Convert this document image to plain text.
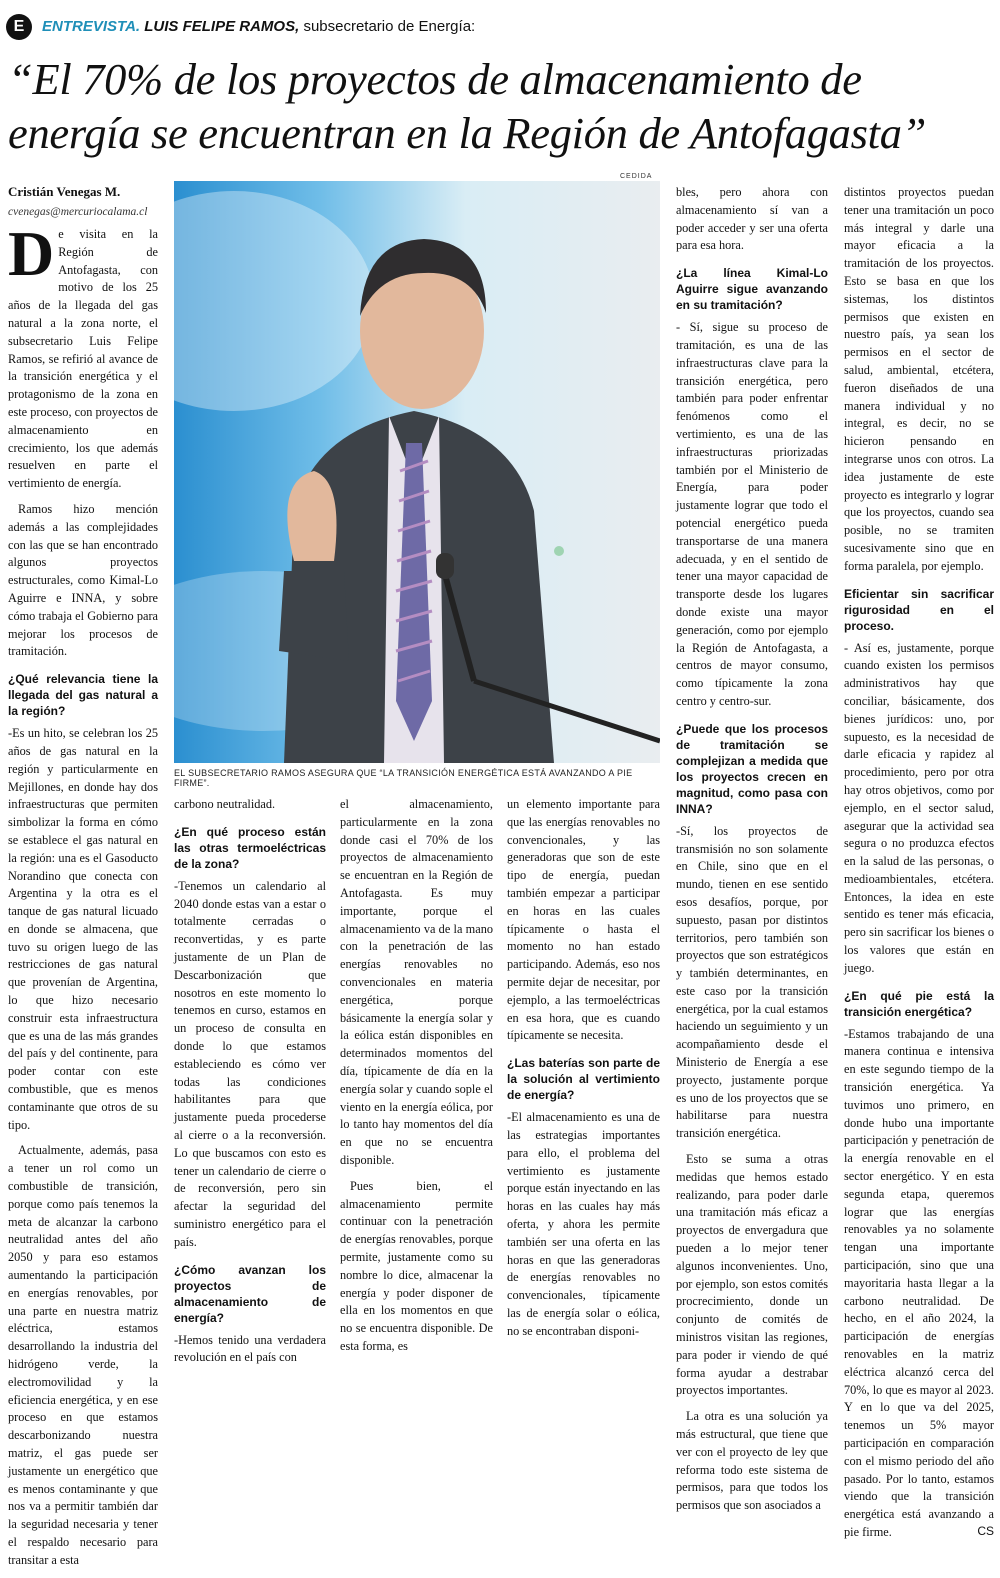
E	ENTREVISTA. LUIS FELIPE RAMOS, subsecretario de Energía:
“El 70% de los proyectos de almacenamiento de
energía se encuentran en la Región de Antofagasta”
Cristián Venegas M.
cvenegas@mercuriocalama.cl
CEDIDA
EL SUBSECRETARIO RAMOS ASEGURA QUE “LA TRANSICIÓN ENERGÉTICA ESTÁ AVANZANDO A PIE FIRME”.

De visita en la Región de Antofagasta, con motivo de los 25 años de la llegada del gas natural a la zona norte, el subsecretario Luis Felipe Ramos, se refirió al avance de la transición energética y el protagonismo de la zona en este proceso, con proyectos de almacenamiento en crecimiento, los que además resuelven en parte el vertimiento de energía.

Ramos hizo mención además a las complejidades con las que se han encontrado algunos proyectos estructurales, como Kimal-Lo Aguirre e INNA, y sobre cómo trabaja el Gobierno para mejorar los procesos de tramitación.

¿Qué relevancia tiene la llegada del gas natural a la región?

-Es un hito, se celebran los 25 años de gas natural en la región y particularmente en Mejillones, en donde hay dos infraestructuras que permiten simbolizar la forma en cómo se establece el gas natural en la región: una es el Gasoducto Norandino que conecta con Argentina y la otra es el tanque de gas natural licuado en donde se almacena, que tuvo su origen luego de las restricciones de gas natural que provenían de Argentina, lo que hizo necesario construir esta infraestructura que es una de las más grandes del país y del continente, para poder contar con este combustible, que es menos contaminante que otros de su tipo.

Actualmente, además, pasa a tener un rol como un combustible de transición, porque como país tenemos la meta de alcanzar la carbono neutralidad antes del año 2050 y para eso estamos aumentando la participación en energías renovables, por una parte en nuestra matriz eléctrica, estamos desarrollando la industria del hidrógeno verde, la electromovilidad y la eficiencia energética, y en ese proceso en que estamos descarbonizando nuestra matriz, el gas puede ser justamente un energético que es menos contaminante y que nos va a permitir también dar la seguridad necesaria y tener el respaldo necesario para transitar a esta

carbono neutralidad.

¿En qué proceso están las otras termoeléctricas de la zona?

-Tenemos un calendario al 2040 donde estas van a estar o totalmente cerradas o reconvertidas, y es parte justamente de un Plan de Descarbonización que nosotros en este momento lo tenemos en curso, estamos en un proceso de consulta en donde lo que estamos estableciendo es cómo ver todas las condiciones habilitantes para que justamente pueda procederse al cierre o a la reconversión. Lo que buscamos con esto es tener un calendario de cierre o de reconversión, pero sin afectar la seguridad del suministro energético para el país.

¿Cómo avanzan los proyectos de almacenamiento de energía?

-Hemos tenido una verdadera revolución en el país con

el almacenamiento, particularmente en la zona donde casi el 70% de los proyectos de almacenamiento se encuentran en la Región de Antofagasta. Es muy importante, porque el almacenamiento va de la mano con la penetración de las energías renovables no convencionales en materia energética, porque básicamente la energía solar y la eólica están disponibles en determinados momentos del día, típicamente de día en la energía solar y cuando sople el viento en la energía eólica, por lo tanto hay momentos del día en que no se encuentra disponible.

Pues bien, el almacenamiento permite continuar con la penetración de energías renovables, porque permite, justamente como su nombre lo dice, almacenar la energía y poder disponer de ella en los momentos en que no se encuentra disponible. De esta forma, es

un elemento importante para que las energías renovables no convencionales, y las generadoras que son de este tipo de energía, puedan también empezar a participar en horas en las cuales típicamente o hasta el momento no han estado participando. Además, eso nos permite dejar de necesitar, por ejemplo, a las termoeléctricas en esa hora, que es cuando típicamente se necesita.

¿Las baterías son parte de la solución al vertimiento de energía?

-El almacenamiento es una de las estrategias importantes para ello, el problema del vertimiento es justamente porque están inyectando en las horas en las cuales hay más oferta, y ahora les permite también ser una oferta en las horas en que las generadoras de energías renovables no convencionales, típicamente las de energía solar o eólica, no se encontraban disponi-

bles, pero ahora con almacenamiento sí van a poder acceder y ser una oferta para esa hora.

¿La línea Kimal-Lo Aguirre sigue avanzando en su tramitación?

- Sí, sigue su proceso de tramitación, es una de las infraestructuras clave para la transición energética, pero también para poder enfrentar fenómenos como el vertimiento, es una de las infraestructuras priorizadas también por el Ministerio de Energía, para poder justamente lograr que todo el potencial energético pueda transportarse de una manera adecuada, y en el sentido de tener una mayor capacidad de transporte desde los lugares donde existe una mayor generación, como por ejemplo la Región de Antofagasta, a centros de mayor consumo, como típicamente la zona centro y centro-sur.

¿Puede que los procesos de tramitación se complejizan a medida que los proyectos crecen en magnitud, como pasa con INNA?

-Sí, los proyectos de transmisión no son solamente en Chile, sino que en el mundo, tienen en ese sentido esos desafíos, porque, por supuesto, pasan por distintos territorios, pero también son proyectos que son estratégicos y también determinantes, en este caso por la transición energética, por la cual estamos haciendo un seguimiento y un acompañamiento desde el Ministerio de Energía a ese proyecto, justamente porque es uno de los proyectos que se habilitarse para nuestra transición energética.

Esto se suma a otras medidas que hemos estado realizando, para poder darle una tramitación más eficaz a proyectos de envergadura que pueden a lo mejor tener algunos inconvenientes. Uno, por ejemplo, son estos comités procrecimiento, donde un conjunto de comités de ministros visitan las regiones, para poder ir viendo de qué forma ayudar a destrabar proyectos importantes.

La otra es una solución ya más estructural, que tiene que ver con el proyecto de ley que reforma todo este sistema de permisos, para que todos los permisos que son asociados a

distintos proyectos puedan tener una tramitación un poco más integral y darle una mayor eficacia a la tramitación de los proyectos. Esto se basa en que los sistemas, los distintos permisos que existen en nuestro país, ya sean los permisos en el sector de salud, ambiental, etcétera, fueron diseñados de una manera individual y no integral, es decir, no se hicieron pensando en integrarse unos con otros. La idea justamente de este proyecto es integrarlo y lograr que los proyectos, cuando sea posible, no se tramiten sucesivamente sino que en forma paralela, por ejemplo.

Eficientar sin sacrificar rigurosidad en el proceso.

- Así es, justamente, porque cuando existen los permisos administrativos hay que conciliar, básicamente, dos bienes jurídicos: uno, por supuesto, es la necesidad de darle eficacia y rapidez al procedimiento, pero por otra hay otros objetivos, como por ejemplo, en el sector salud, asegurar que la actividad sea segura o no produzca efectos en la salud de las personas, o medioambientales, etcétera. Entonces, la idea en este sentido es tener más eficacia, pero sin sacrificar los bienes o los valores que están en juego.

¿En qué pie está la transición energética?

-Estamos trabajando de una manera continua e intensiva en este segundo tiempo de la transición energética. Ya tuvimos uno primero, en donde hubo una importante participación y penetración de la energía renovable en el sector energético. Y en esta segunda etapa, queremos lograr que las energías renovables ya no solamente tengan una importante participación, sino que una mayoritaria hasta llegar a la carbono neutralidad. De hecho, en el año 2024, la participación de energías renovables en la matriz eléctrica alcanzó cerca del 70%, lo que es mayor al 2023. Y en lo que va del 2025, tenemos un 5% mayor participación en comparación con el mismo periodo del año pasado. Por lo tanto, estamos viendo que la transición energética está avanzando a pie firme.	CS
